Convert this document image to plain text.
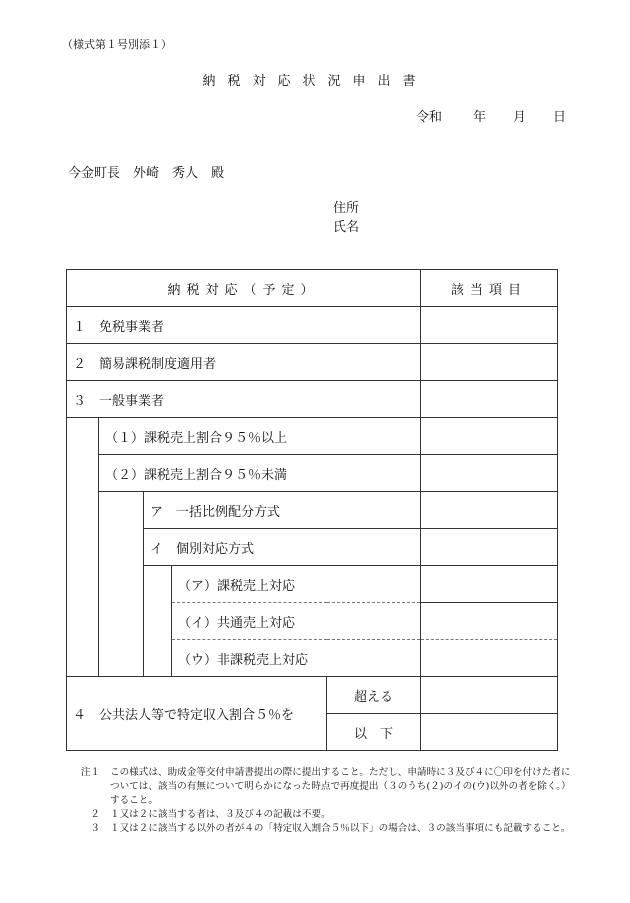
（様式第１号別添１）
納税対応状況申出書
令和 年 月 日
今金町長　外崎　秀人　殿
住所
氏名
納税対応（予定）					該当項目
１　免税事業者					
２　簡易課税制度適用者					
３　一般事業者					
	（１）課税売上割合９５％以上				
	（２）課税売上割合９５％未満				
		ア　一括比例配分方式			
		イ　個別対応方式			
			（ア）課税売上対応		
			（イ）共通売上対応		
			（ウ）非課税売上対応		
４　公共法人等で特定収入割合５％を				超える	
				以　下	
注１	この様式は、助成金等交付申請書提出の際に提出すること。ただし、申請時に３及び４に〇印を付けた者については、該当の有無について明らかになった時点で再度提出（３のうち(２)のイの(ウ)以外の者を除く。）すること。
２	１又は２に該当する者は、３及び４の記載は不要。
３	１又は２に該当する以外の者が４の「特定収入割合５％以下」の場合は、３の該当事項にも記載すること。
